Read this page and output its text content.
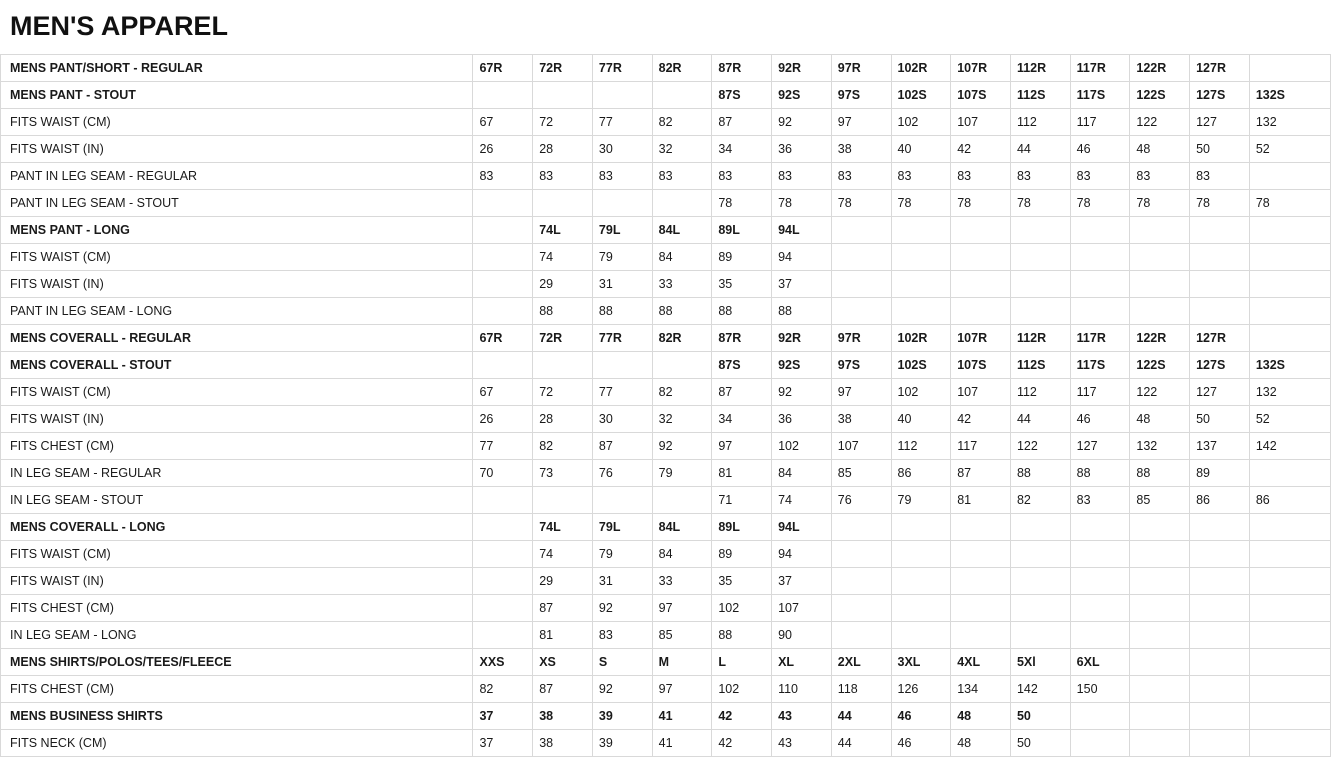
MEN'S APPAREL
MENS PANT/SHORT - REGULAR	67R	72R	77R	82R	87R	92R	97R	102R	107R	112R	117R	122R	127R	
MENS PANT - STOUT					87S	92S	97S	102S	107S	112S	117S	122S	127S	132S
FITS WAIST (CM)	67	72	77	82	87	92	97	102	107	112	117	122	127	132
FITS WAIST (IN)	26	28	30	32	34	36	38	40	42	44	46	48	50	52
PANT IN LEG SEAM - REGULAR	83	83	83	83	83	83	83	83	83	83	83	83	83	
PANT IN LEG SEAM - STOUT					78	78	78	78	78	78	78	78	78	78
MENS PANT - LONG		74L	79L	84L	89L	94L								
FITS WAIST (CM)		74	79	84	89	94								
FITS WAIST (IN)		29	31	33	35	37								
PANT IN LEG SEAM - LONG		88	88	88	88	88								
MENS COVERALL - REGULAR	67R	72R	77R	82R	87R	92R	97R	102R	107R	112R	117R	122R	127R	
MENS COVERALL - STOUT					87S	92S	97S	102S	107S	112S	117S	122S	127S	132S
FITS WAIST (CM)	67	72	77	82	87	92	97	102	107	112	117	122	127	132
FITS WAIST (IN)	26	28	30	32	34	36	38	40	42	44	46	48	50	52
FITS CHEST (CM)	77	82	87	92	97	102	107	112	117	122	127	132	137	142
IN LEG SEAM - REGULAR	70	73	76	79	81	84	85	86	87	88	88	88	89	
IN LEG SEAM - STOUT					71	74	76	79	81	82	83	85	86	86
MENS COVERALL - LONG		74L	79L	84L	89L	94L								
FITS WAIST (CM)		74	79	84	89	94								
FITS WAIST (IN)		29	31	33	35	37								
FITS CHEST (CM)		87	92	97	102	107								
IN LEG SEAM - LONG		81	83	85	88	90								
MENS SHIRTS/POLOS/TEES/FLEECE	XXS	XS	S	M	L	XL	2XL	3XL	4XL	5Xl	6XL			
FITS CHEST (CM)	82	87	92	97	102	110	118	126	134	142	150			
MENS BUSINESS SHIRTS	37	38	39	41	42	43	44	46	48	50				
FITS NECK (CM)	37	38	39	41	42	43	44	46	48	50				
